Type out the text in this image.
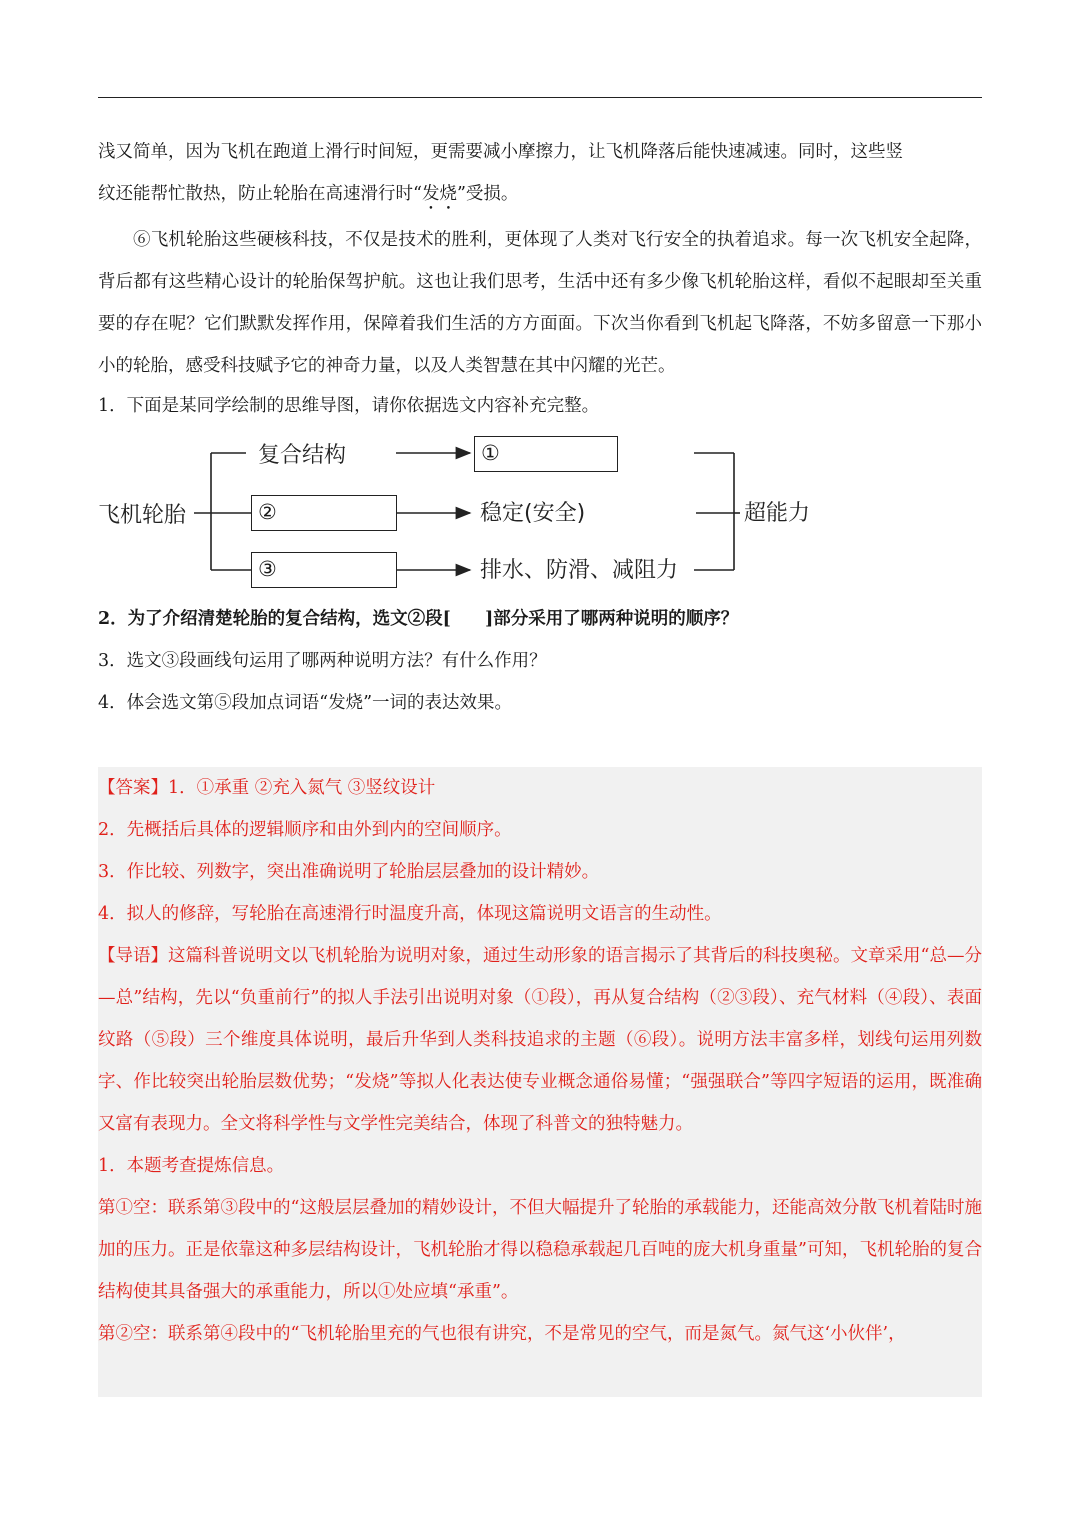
浅又简单，因为飞机在跑道上滑行时间短，更需要减小摩擦力，让飞机降落后能快速减速。同时，这些竖

纹还能帮忙散热，防止轮胎在高速滑行时“发烧”受损。

⑥飞机轮胎这些硬核科技，不仅是技术的胜利，更体现了人类对飞行安全的执着追求。每一次飞机安全起降，背后都有这些精心设计的轮胎保驾护航。这也让我们思考，生活中还有多少像飞机轮胎这样，看似不起眼却至关重要的存在呢？它们默默发挥作用，保障着我们生活的方方面面。下次当你看到飞机起飞降落，不妨多留意一下那小小的轮胎，感受科技赋予它的神奇力量，以及人类智慧在其中闪耀的光芒。

1．下面是某同学绘制的思维导图，请你依据选文内容补充完整。

飞机轮胎
复合结构	①
②	稳定(安全)
③	排水、防滑、减阻力
超能力

2．为了介绍清楚轮胎的复合结构，选文②段[ ]部分采用了哪两种说明的顺序？

3．选文③段画线句运用了哪两种说明方法？有什么作用？

4．体会选文第⑤段加点词语“发烧”一词的表达效果。

【答案】1．①承重 ②充入氮气 ③竖纹设计

2．先概括后具体的逻辑顺序和由外到内的空间顺序。

3．作比较、列数字，突出准确说明了轮胎层层叠加的设计精妙。

4．拟人的修辞，写轮胎在高速滑行时温度升高，体现这篇说明文语言的生动性。

【导语】这篇科普说明文以飞机轮胎为说明对象，通过生动形象的语言揭示了其背后的科技奥秘。文章采用“总—分—总”结构，先以“负重前行”的拟人手法引出说明对象（①段），再从复合结构（②③段）、充气材料（④段）、表面纹路（⑤段）三个维度具体说明，最后升华到人类科技追求的主题（⑥段）。说明方法丰富多样，划线句运用列数字、作比较突出轮胎层数优势；“发烧”等拟人化表达使专业概念通俗易懂；“强强联合”等四字短语的运用，既准确又富有表现力。全文将科学性与文学性完美结合，体现了科普文的独特魅力。

1．本题考查提炼信息。

第①空：联系第③段中的“这般层层叠加的精妙设计，不但大幅提升了轮胎的承载能力，还能高效分散飞机着陆时施加的压力。正是依靠这种多层结构设计，飞机轮胎才得以稳稳承载起几百吨的庞大机身重量”可知，飞机轮胎的复合结构使其具备强大的承重能力，所以①处应填“承重”。

第②空：联系第④段中的“飞机轮胎里充的气也很有讲究，不是常见的空气，而是氮气。氮气这‘小伙伴’，
